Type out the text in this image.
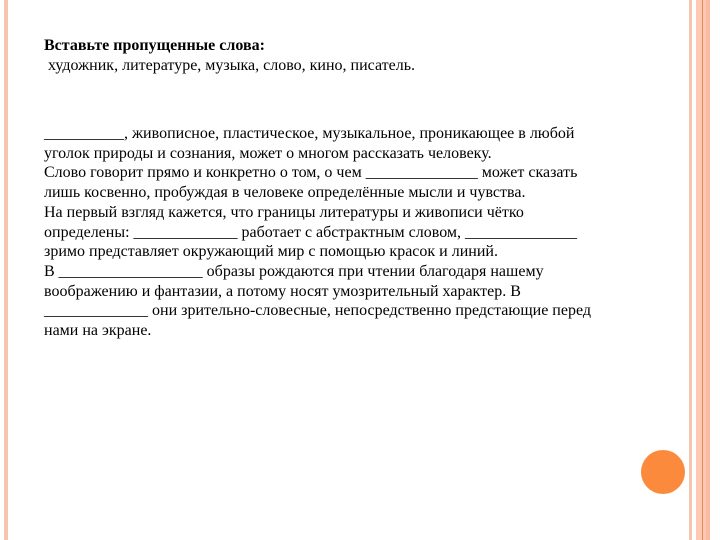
Вставьте пропущенные слова:
художник, литературе, музыка, слово, кино, писатель.
__________, живописное, пластическое, музыкальное, проникающее в любой
уголок природы и сознания, может о многом рассказать человеку.
Слово говорит прямо и конкретно о том, о чем ______________ может сказать
лишь косвенно, пробуждая в человеке определённые мысли и чувства.
На первый взгляд кажется, что границы литературы и живописи чётко
определены: _____________ работает с абстрактным словом, ______________
зримо представляет окружающий мир с помощью красок и линий.
В __________________ образы рождаются при чтении благодаря нашему
воображению и фантазии, а потому носят умозрительный характер. В
_____________ они зрительно-словесные, непосредственно предстающие перед
нами на экране.
